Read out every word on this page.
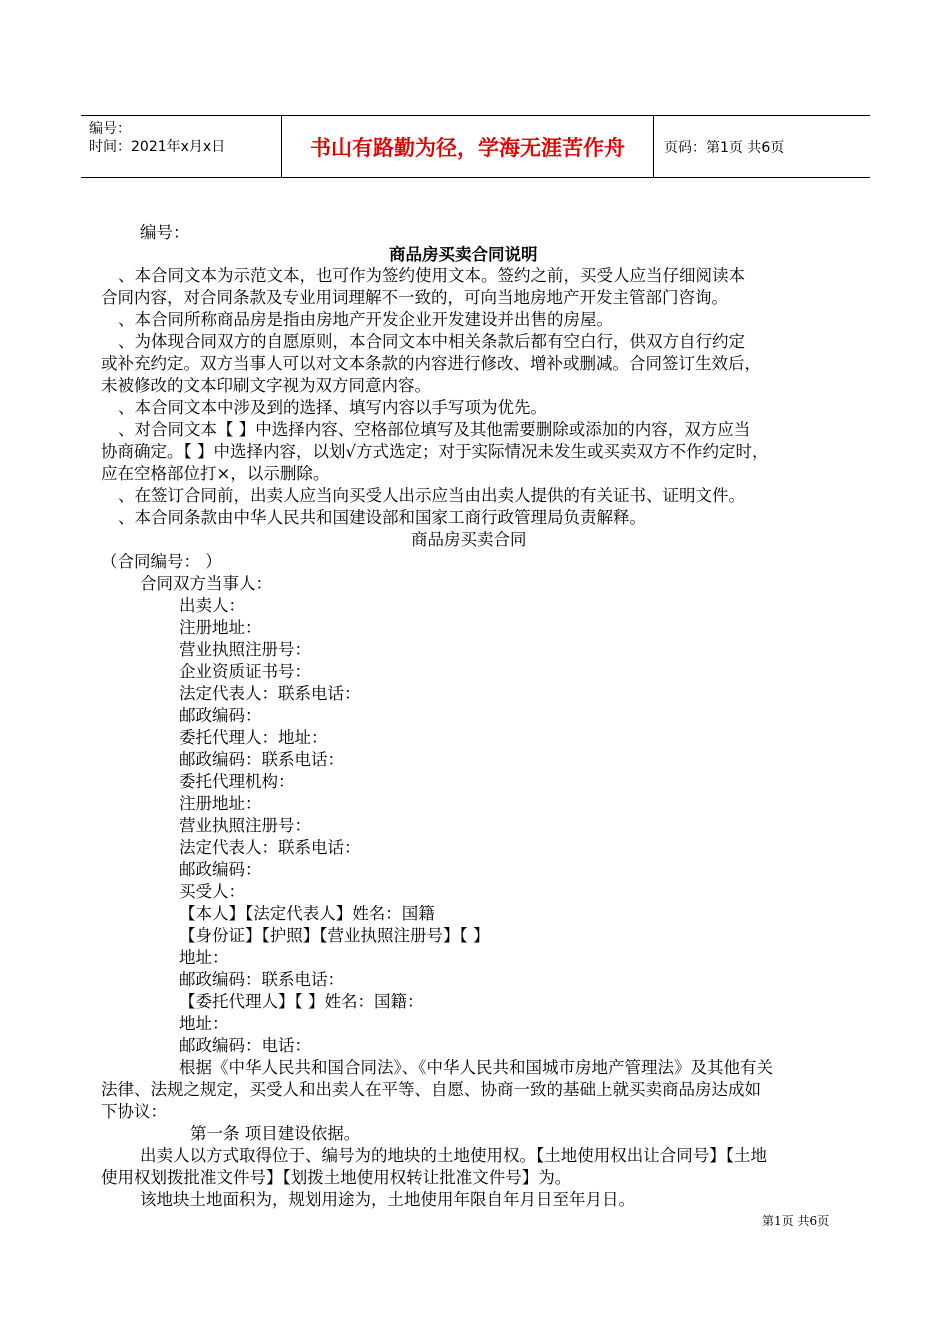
编号：
时间：2021年x月x日	书山有路勤为径，学海无涯苦作舟	页码：第1页 共6页
编号：
商品房买卖合同说明
、本合同文本为示范文本，也可作为签约使用文本。签约之前，买受人应当仔细阅读本
合同内容，对合同条款及专业用词理解不一致的，可向当地房地产开发主管部门咨询。
、本合同所称商品房是指由房地产开发企业开发建设并出售的房屋。
、为体现合同双方的自愿原则，本合同文本中相关条款后都有空白行，供双方自行约定
或补充约定。双方当事人可以对文本条款的内容进行修改、增补或删减。合同签订生效后，
未被修改的文本印刷文字视为双方同意内容。
、本合同文本中涉及到的选择、填写内容以手写项为优先。
、对合同文本【 】中选择内容、空格部位填写及其他需要删除或添加的内容，双方应当
协商确定。【 】中选择内容，以划√方式选定；对于实际情况未发生或买卖双方不作约定时，
应在空格部位打×，以示删除。
、在签订合同前，出卖人应当向买受人出示应当由出卖人提供的有关证书、证明文件。
、本合同条款由中华人民共和国建设部和国家工商行政管理局负责解释。
商品房买卖合同
（合同编号： ）
合同双方当事人：
出卖人：
注册地址：
营业执照注册号：
企业资质证书号：
法定代表人：联系电话：
邮政编码：
委托代理人：地址：
邮政编码：联系电话：
委托代理机构：
注册地址：
营业执照注册号：
法定代表人：联系电话：
邮政编码：
买受人：
【本人】【法定代表人】姓名：国籍
【身份证】【护照】【营业执照注册号】【 】
地址：
邮政编码：联系电话：
【委托代理人】【 】姓名：国籍：
地址：
邮政编码：电话：
根据《中华人民共和国合同法》、《中华人民共和国城市房地产管理法》及其他有关
法律、法规之规定，买受人和出卖人在平等、自愿、协商一致的基础上就买卖商品房达成如
下协议：
第一条 项目建设依据。
出卖人以方式取得位于、编号为的地块的土地使用权。【土地使用权出让合同号】【土地
使用权划拨批准文件号】【划拨土地使用权转让批准文件号】为。
该地块土地面积为，规划用途为，土地使用年限自年月日至年月日。
第1页 共6页
